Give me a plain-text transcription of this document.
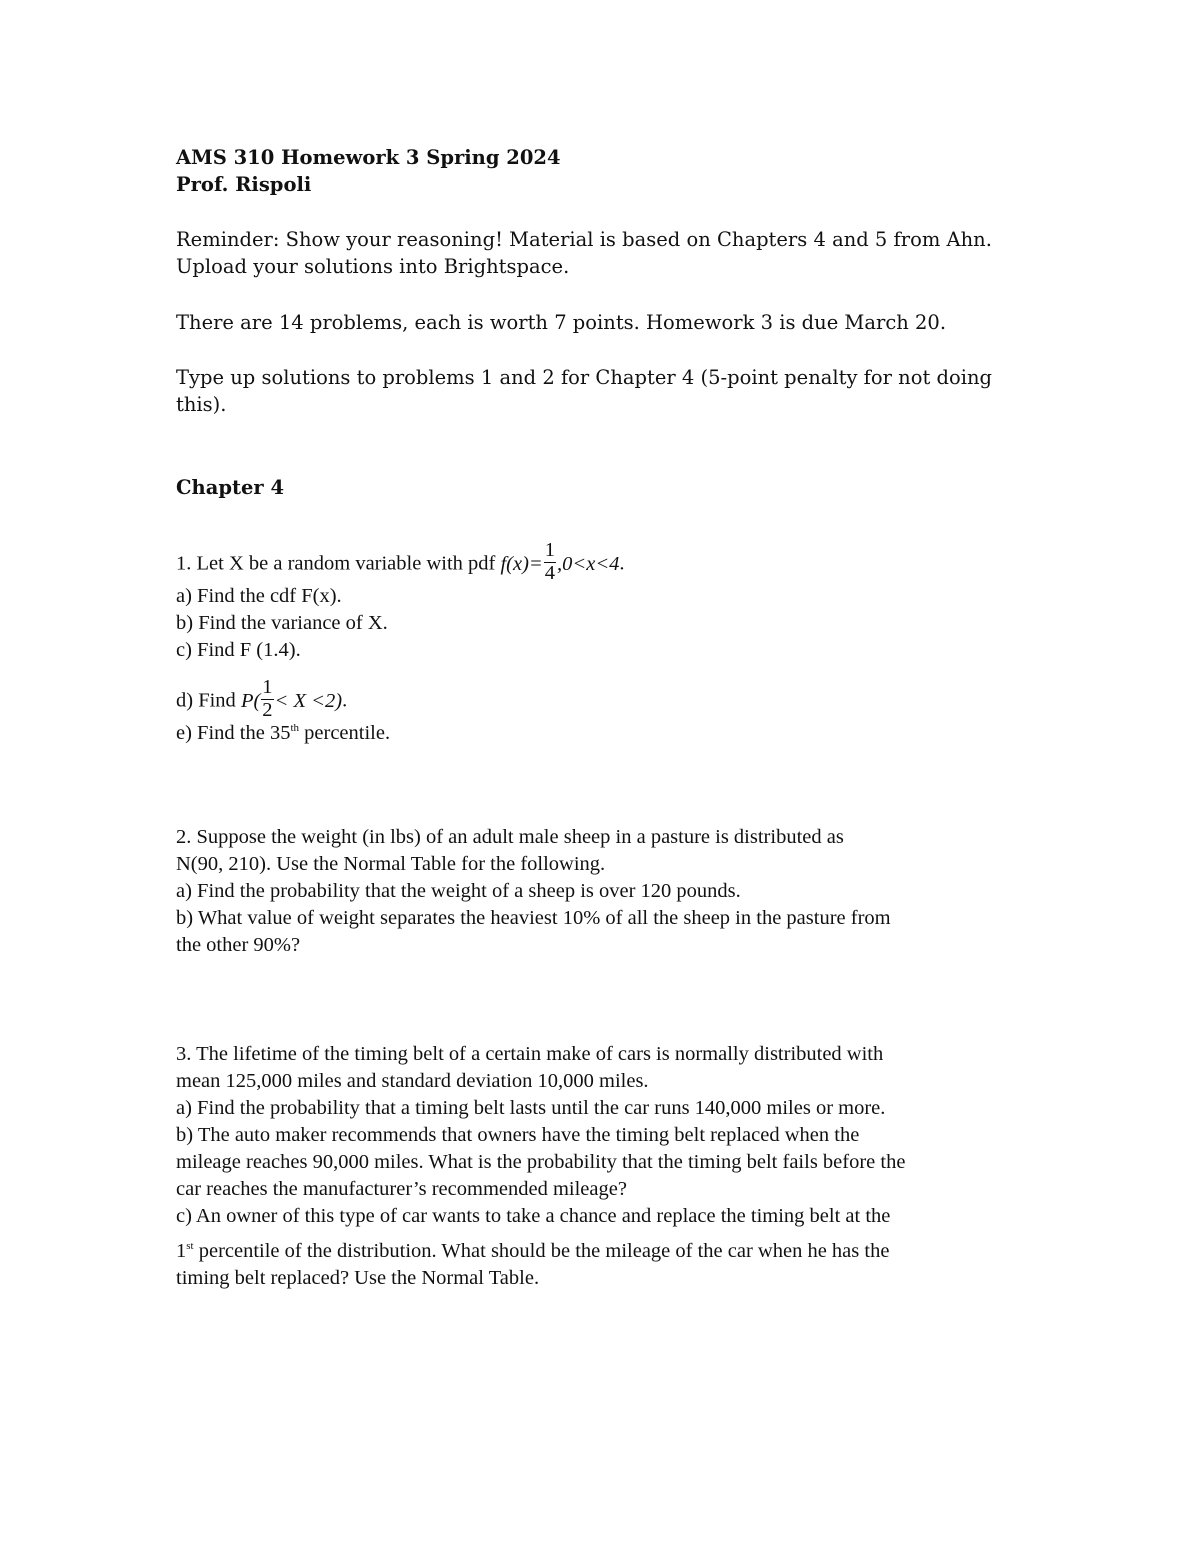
AMS 310 Homework 3 Spring 2024
Prof. Rispoli
Reminder: Show your reasoning! Material is based on Chapters 4 and 5 from Ahn.
Upload your solutions into Brightspace.
There are 14 problems, each is worth 7 points. Homework 3 is due March 20.
Type up solutions to problems 1 and 2 for Chapter 4 (5-point penalty for not doing
this).
Chapter 4
1. Let X be a random variable with pdf $f(x)= \frac{1}{4} ,0<x<4$.
a) Find the cdf F(x).
b) Find the variance of X.
c) Find F (1.4).
d) Find $P( \frac{1}{2} < X <2)$.
e) Find the 35th percentile.
2. Suppose the weight (in lbs) of an adult male sheep in a pasture is distributed as
N(90, 210). Use the Normal Table for the following.
a) Find the probability that the weight of a sheep is over 120 pounds.
b) What value of weight separates the heaviest 10% of all the sheep in the pasture from
the other 90%?
3. The lifetime of the timing belt of a certain make of cars is normally distributed with
mean 125,000 miles and standard deviation 10,000 miles.
a) Find the probability that a timing belt lasts until the car runs 140,000 miles or more.
b) The auto maker recommends that owners have the timing belt replaced when the
mileage reaches 90,000 miles. What is the probability that the timing belt fails before the
car reaches the manufacturer’s recommended mileage?
c) An owner of this type of car wants to take a chance and replace the timing belt at the
1st percentile of the distribution. What should be the mileage of the car when he has the
timing belt replaced? Use the Normal Table.
